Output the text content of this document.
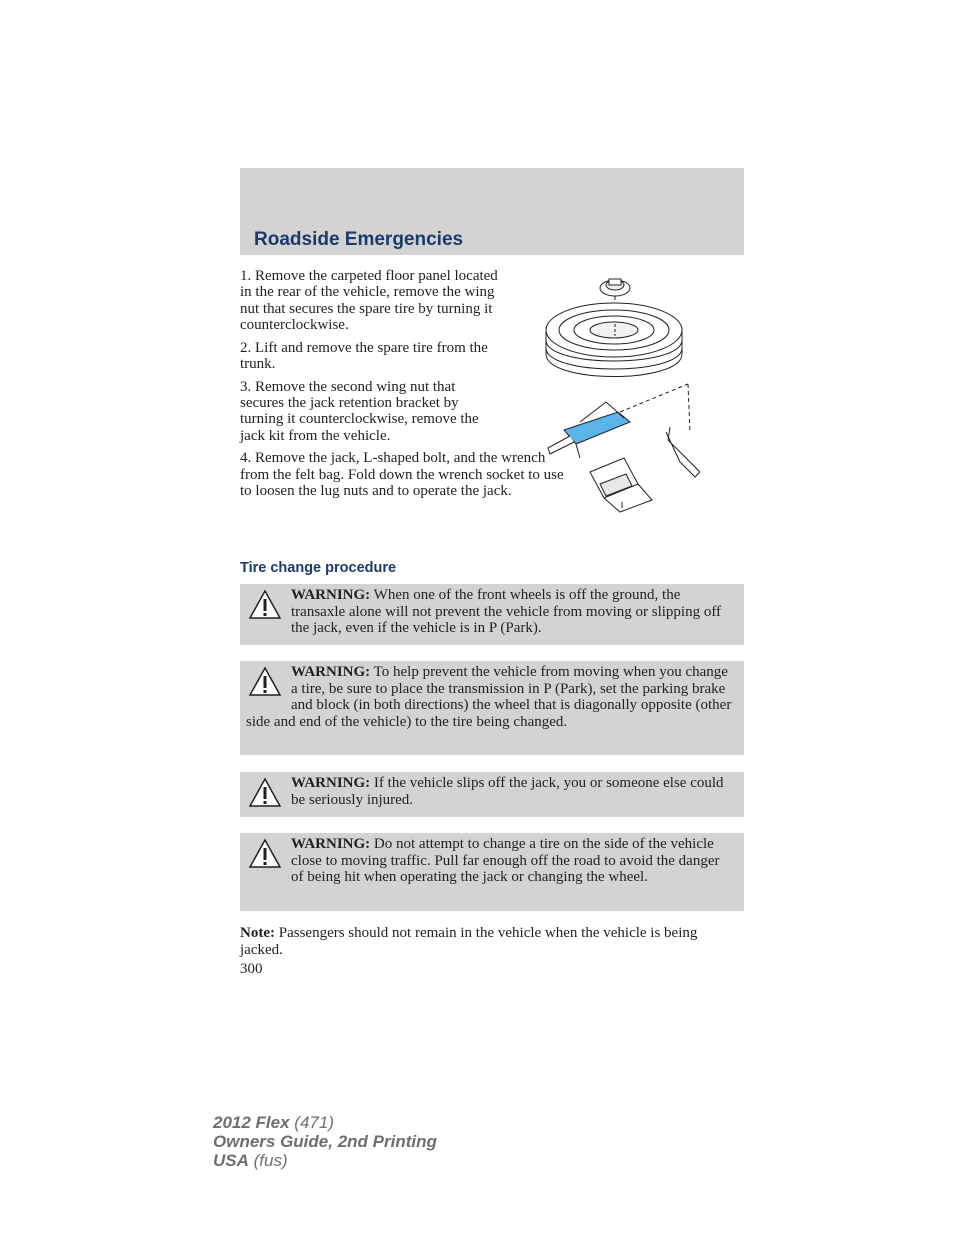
Roadside Emergencies

1. Remove the carpeted floor panel located in the rear of the vehicle, remove the wing nut that secures the spare tire by turning it counterclockwise.

2. Lift and remove the spare tire from the trunk.

3. Remove the second wing nut that secures the jack retention bracket by turning it counterclockwise, remove the jack kit from the vehicle.

4. Remove the jack, L-shaped bolt, and the wrench from the felt bag. Fold down the wrench socket to use to loosen the lug nuts and to operate the jack.

Tire change procedure
WARNING: When one of the front wheels is off the ground, the transaxle alone will not prevent the vehicle from moving or slipping off the jack, even if the vehicle is in P (Park).
WARNING: To help prevent the vehicle from moving when you change a tire, be sure to place the transmission in P (Park), set the parking brake and block (in both directions) the wheel that is diagonally opposite (other side and end of the vehicle) to the tire being changed.
WARNING: If the vehicle slips off the jack, you or someone else could be seriously injured.
WARNING: Do not attempt to change a tire on the side of the vehicle close to moving traffic. Pull far enough off the road to avoid the danger of being hit when operating the jack or changing the wheel.

Note: Passengers should not remain in the vehicle when the vehicle is being jacked.

300
2012 Flex (471)
Owners Guide, 2nd Printing
USA (fus)
